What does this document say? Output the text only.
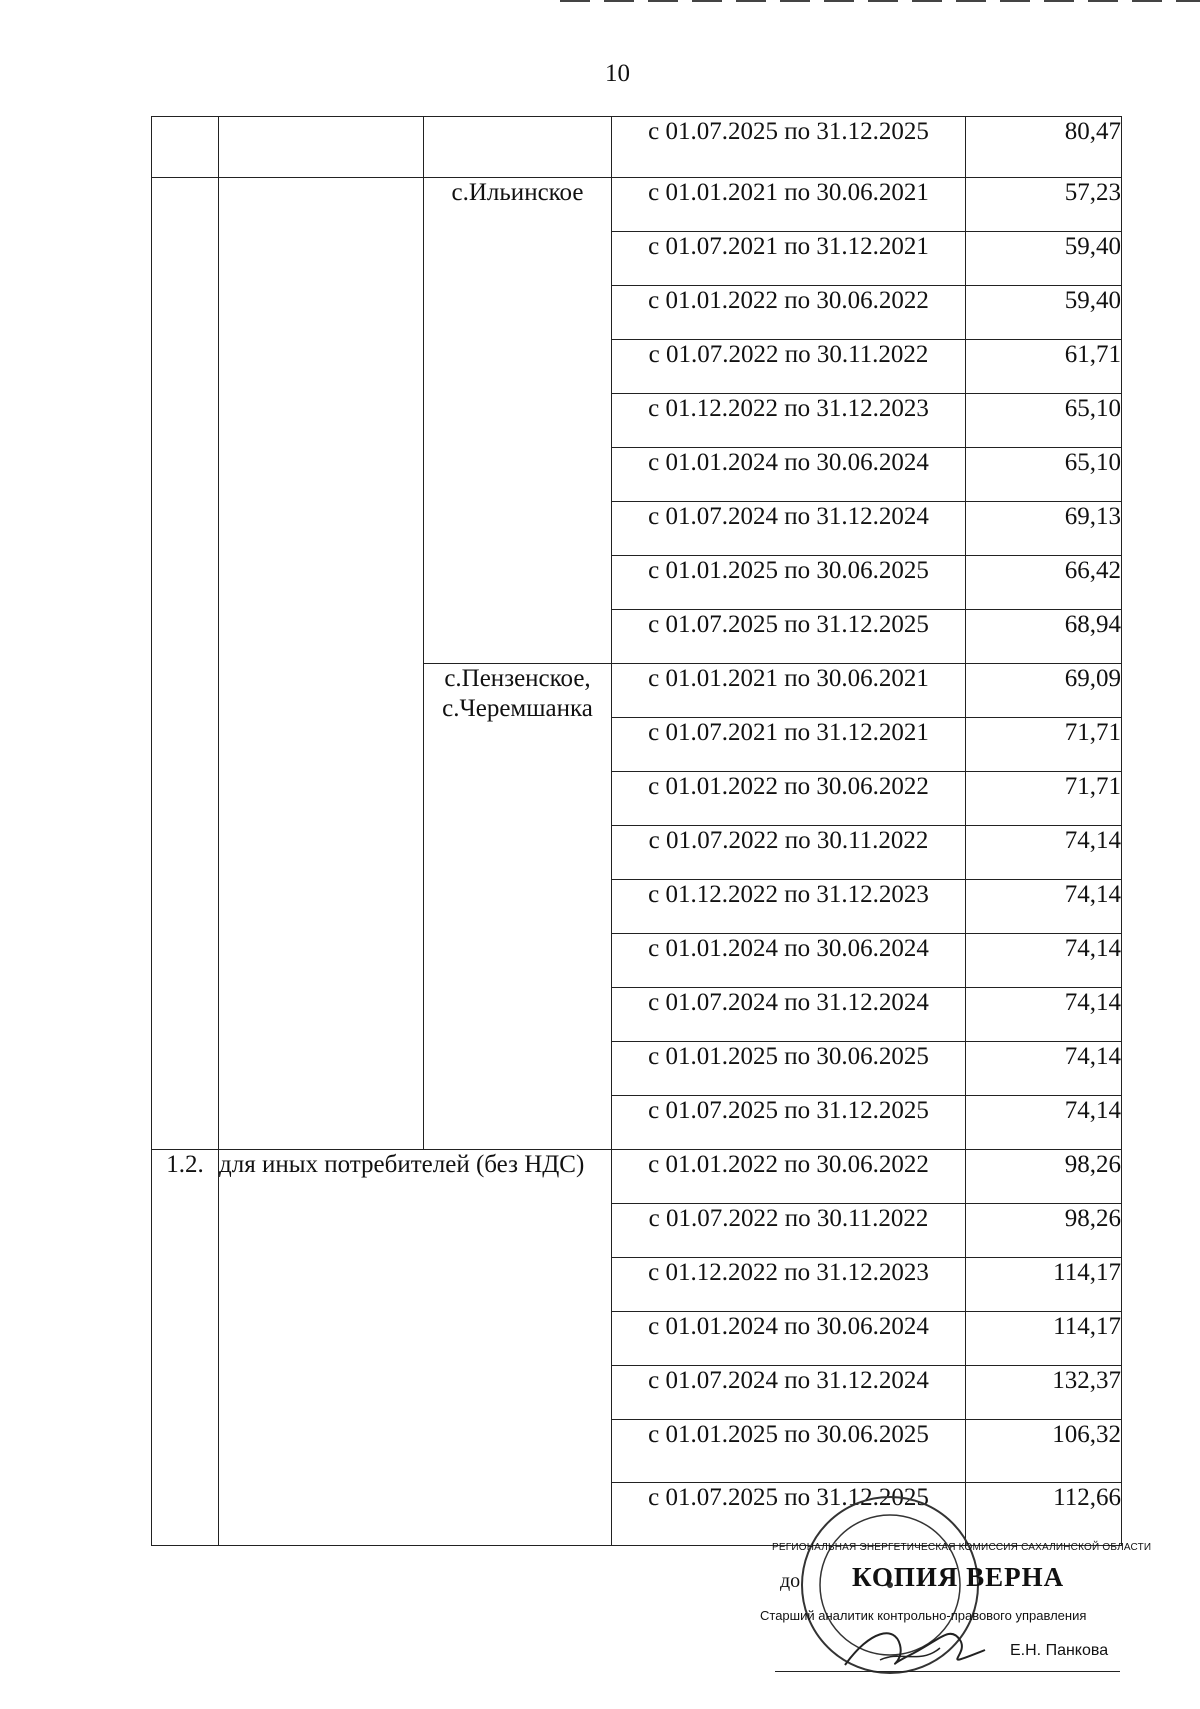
10
			с 01.07.2025 по 31.12.2025	80,47
		с.Ильинское	с 01.01.2021 по 30.06.2021	57,23
			с 01.07.2021 по 31.12.2021	59,40
			с 01.01.2022 по 30.06.2022	59,40
			с 01.07.2022 по 30.11.2022	61,71
			с 01.12.2022 по 31.12.2023	65,10
			с 01.01.2024 по 30.06.2024	65,10
			с 01.07.2024 по 31.12.2024	69,13
			с 01.01.2025 по 30.06.2025	66,42
			с 01.07.2025 по 31.12.2025	68,94
		с.Пензенское, с.Черемшанка	с 01.01.2021 по 30.06.2021	69,09
			с 01.07.2021 по 31.12.2021	71,71
			с 01.01.2022 по 30.06.2022	71,71
			с 01.07.2022 по 30.11.2022	74,14
			с 01.12.2022 по 31.12.2023	74,14
			с 01.01.2024 по 30.06.2024	74,14
			с 01.07.2024 по 31.12.2024	74,14
			с 01.01.2025 по 30.06.2025	74,14
			с 01.07.2025 по 31.12.2025	74,14
1.2.	для иных потребителей (без НДС)		с 01.01.2022 по 30.06.2022	98,26
			с 01.07.2022 по 30.11.2022	98,26
			с 01.12.2022 по 31.12.2023	114,17
			с 01.01.2024 по 30.06.2024	114,17
			с 01.07.2024 по 31.12.2024	132,37
			с 01.01.2025 по 30.06.2025	106,32
			с 01.07.2025 по 31.12.2025	112,66
РЕГИОНАЛЬНАЯ ЭНЕРГЕТИЧЕСКАЯ КОМИССИЯ САХАЛИНСКОЙ ОБЛАСТИ
до КОПИЯ ВЕРНА
Старший аналитик контрольно-правового управления
Е.Н. Панкова
